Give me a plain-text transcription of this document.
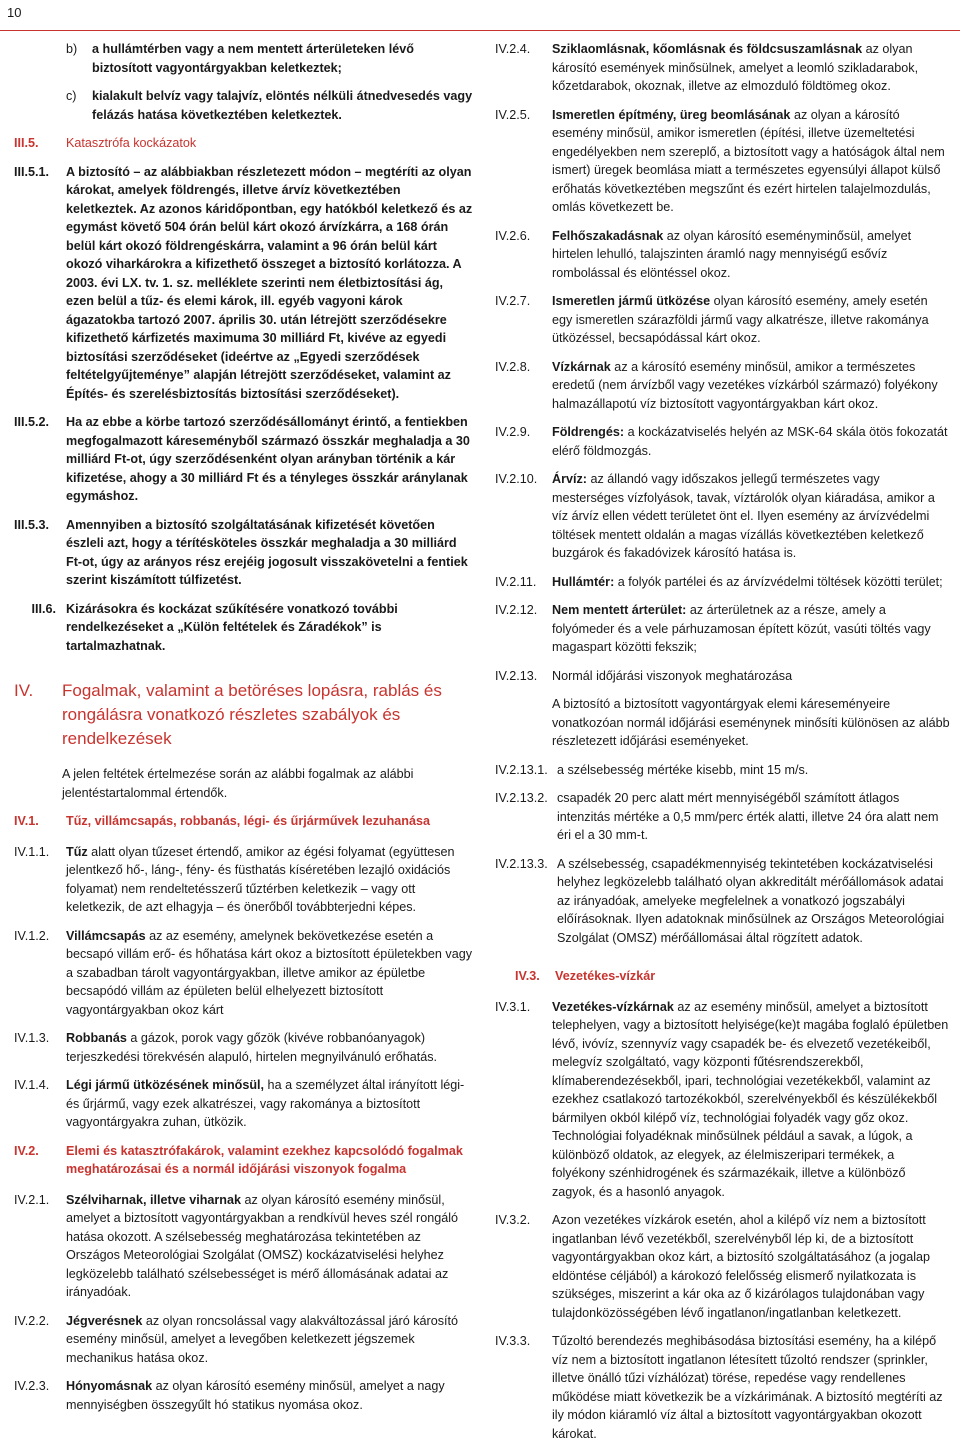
10
b)	a hullámtérben vagy a nem mentett árterületeken lévő biztosított vagyontárgyakban keletkeztek;
c)	kialakult belvíz vagy talajvíz, elöntés nélküli átnedvesedés vagy felázás hatása következtében keletkeztek.
III.5.	Katasztrófa kockázatok
III.5.1.	A biztosító – az alábbiakban részletezett módon – megtéríti az olyan károkat, amelyek földrengés, illetve árvíz következtében keletkeztek. Az azonos káridőpontban, egy hatókból keletkező és az egymást követő 504 órán belül kárt okozó árvízkárra, a 168 órán belül kárt okozó földrengéskárra, valamint a 96 órán belül kárt okozó viharkárokra a kifizethető összeget a biztosító korlátozza. A 2003. évi LX. tv. 1. sz. melléklete szerinti nem életbiztosítási ág, ezen belül a tűz- és elemi károk, ill. egyéb vagyoni károk ágazatokba tartozó 2007. április 30. után létrejött szerződésekre kifizethető kárfizetés maximuma 30 milliárd Ft, kivéve az egyedi biztosítási szerződéseket (ideértve az „Egyedi szerződések feltételgyűjteménye” alapján létrejött szerződéseket, valamint az Építés- és szerelésbiztosítás biztosítási szerződéseket).
III.5.2.	Ha az ebbe a körbe tartozó szerződésállományt érintő, a fentiekben megfogalmazott káreseményből származó összkár meghaladja a 30 milliárd Ft-ot, úgy szerződésenként olyan arányban történik a kár kifizetése, ahogy a 30 milliárd Ft és a tényleges összkár aránylanak egymáshoz.
III.5.3.	Amennyiben a biztosító szolgáltatásának kifizetését követően észleli azt, hogy a térítésköteles összkár meghaladja a 30 milliárd Ft-ot, úgy az arányos rész erejéig jogosult visszakövetelni a fentiek szerint kiszámított túlfizetést.
III.6. Kizárásokra és kockázat szűkítésére vonatkozó további rendelkezéseket a „Külön feltételek és Záradékok” is tartalmazhatnak.
IV.	Fogalmak, valamint a betöréses lopásra, rablás és rongálásra vonatkozó részletes szabályok és rendelkezések
A jelen feltétek értelmezése során az alábbi fogalmak az alábbi jelentéstartalommal értendők.
IV.1.	Tűz, villámcsapás, robbanás, légi- és űrjárművek lezuhanása
IV.1.1.	Tűz alatt olyan tűzeset értendő, amikor az égési folyamat (együttesen jelentkező hő-, láng-, fény- és füsthatás kíséretében lezajló oxidációs folyamat) nem rendeltetésszerű tűztérben keletkezik – vagy ott keletkezik, de azt elhagyja – és önerőből továbbterjedni képes.
IV.1.2.	Villámcsapás az az esemény, amelynek bekövetkezése esetén a becsapó villám erő- és hőhatása kárt okoz a biztosított épületekben vagy a szabadban tárolt vagyontárgyakban, illetve amikor az épületbe becsapódó villám az épületen belül elhelyezett biztosított vagyontárgyakban okoz kárt
IV.1.3.	Robbanás a gázok, porok vagy gőzök (kivéve robbanóanyagok) terjeszkedési törekvésén alapuló, hirtelen megnyilvánuló erőhatás.
IV.1.4.	Légi jármű ütközésének minősül, ha a személyzet által irányított légi- és űrjármű, vagy ezek alkatrészei, vagy rakománya a biztosított vagyontárgyakra zuhan, ütközik.
IV.2.	Elemi és katasztrófakárok, valamint ezekhez kapcsolódó fogalmak meghatározásai és a normál időjárási viszonyok fogalma
IV.2.1.	Szélviharnak, illetve viharnak az olyan károsító esemény minősül, amelyet a biztosított vagyontárgyakban a rendkívül heves szél rongáló hatása okozott. A szélsebesség meghatározása tekintetében az Országos Meteorológiai Szolgálat (OMSZ) kockázatviselési helyhez legközelebb található szélsebességet is mérő állomásának adatai az irányadóak.
IV.2.2.	Jégverésnek az olyan roncsolással vagy alakváltozással járó károsító esemény minősül, amelyet a levegőben keletkezett jégszemek mechanikus hatása okoz.
IV.2.3.	Hónyomásnak az olyan károsító esemény minősül, amelyet a nagy mennyiségben összegyűlt hó statikus nyomása okoz.
IV.2.4.	Sziklaomlásnak, kőomlásnak és földcsuszamlásnak az olyan károsító események minősülnek, amelyet a leomló szikladarabok, kőzetdarabok, okoznak, illetve az elmozduló földtömeg okoz.
IV.2.5.	Ismeretlen építmény, üreg beomlásának az olyan a károsító esemény minősül, amikor ismeretlen (építési, illetve üzemeltetési engedélyekben nem szereplő, a biztosított vagy a hatóságok által nem ismert) üregek beomlása miatt a természetes egyensúlyi állapot külső erőhatás következtében megszűnt és ezért hirtelen talajelmozdulás, omlás következett be.
IV.2.6.	Felhőszakadásnak az olyan károsító eseményminősül, amelyet hirtelen lehulló, talajszinten áramló nagy mennyiségű esővíz rombolással és elöntéssel okoz.
IV.2.7.	Ismeretlen jármű ütközése olyan károsító esemény, amely esetén egy ismeretlen szárazföldi jármű vagy alkatrésze, illetve rakománya ütközéssel, becsapódással kárt okoz.
IV.2.8.	Vízkárnak az a károsító esemény minősül, amikor a természetes eredetű (nem árvízből vagy vezetékes vízkárból származó) folyékony halmazállapotú víz biztosított vagyontárgyakban kárt okoz.
IV.2.9.	Földrengés: a kockázatviselés helyén az MSK-64 skála ötös fokozatát elérő földmozgás.
IV.2.10.	Árvíz: az állandó vagy időszakos jellegű természetes vagy mesterséges vízfolyások, tavak, víztárolók olyan kiáradása, amikor a víz árvíz ellen védett területet önt el. Ilyen esemény az árvízvédelmi töltések mentett oldalán a magas vízállás következtében keletkező buzgárok és fakadóvizek károsító hatása is.
IV.2.11.	Hullámtér: a folyók partélei és az árvízvédelmi töltések közötti terület;
IV.2.12.	Nem mentett árterület: az árterületnek az a része, amely a folyómeder és a vele párhuzamosan épített közút, vasúti töltés vagy magaspart közötti fekszik;
IV.2.13.	Normál időjárási viszonyok meghatározása
A biztosító a biztosított vagyontárgyak elemi káreseményeire vonatkozóan normál időjárási eseménynek minősíti különösen az alább részletezett időjárási eseményeket.
IV.2.13.1. a szélsebesség mértéke kisebb, mint 15 m/s.
IV.2.13.2. csapadék 20 perc alatt mért mennyiségéből számított átlagos intenzitás mértéke a 0,5 mm/perc érték alatti, illetve 24 óra alatt nem éri el a 30 mm-t.
IV.2.13.3. A szélsebesség, csapadékmennyiség tekintetében kockázatviselési helyhez legközelebb található olyan akkreditált mérőállomások adatai az irányadóak, amelyeke megfelelnek a vonatkozó jogszabályi előírásoknak. Ilyen adatoknak minősülnek az Országos Meteorológiai Szolgálat (OMSZ) mérőállomásai által rögzített adatok.
IV.3.	Vezetékes-vízkár
IV.3.1.	Vezetékes-vízkárnak az az esemény minősül, amelyet a biztosított telephelyen, vagy a biztosított helyisége(ke)t magába foglaló épületben lévő, ivóvíz, szennyvíz vagy csapadék be- és elvezető vezetékeiből, melegvíz szolgáltató, vagy központi fűtésrendszerekből, klímaberendezésekből, ipari, technológiai vezetékekből, valamint az ezekhez csatlakozó tartozékokból, szerelvényekből és készülékekből bármilyen okból kilépő víz, technológiai folyadék vagy gőz okoz. Technológiai folyadéknak minősülnek például a savak, a lúgok, a különböző oldatok, az elegyek, az élelmiszeripari termékek, a folyékony szénhidrogének és származékaik, illetve a különböző zagyok, és a hasonló anyagok.
IV.3.2.	Azon vezetékes vízkárok esetén, ahol a kilépő víz nem a biztosított ingatlanban lévő vezetékből, szerelvényből lép ki, de a biztosított vagyontárgyakban okoz kárt, a biztosító szolgáltatásához (a jogalap eldöntése céljából) a károkozó felelősség elismerő nyilatkozata is szükséges, miszerint a kár oka az ő kizárólagos tulajdonában vagy tulajdonközösségében lévő ingatlanon/ingatlanban keletkezett.
IV.3.3.	Tűzoltó berendezés meghibásodása biztosítási esemény, ha a kilépő víz nem a biztosított ingatlanon létesített tűzoltó rendszer (sprinkler, illetve önálló tűzi vízhálózat) törése, repedése vagy rendellenes működése miatt következik be a vízkárimának. A biztosító megtéríti az ily módon kiáramló víz által a biztosított vagyontárgyakban okozott károkat.
